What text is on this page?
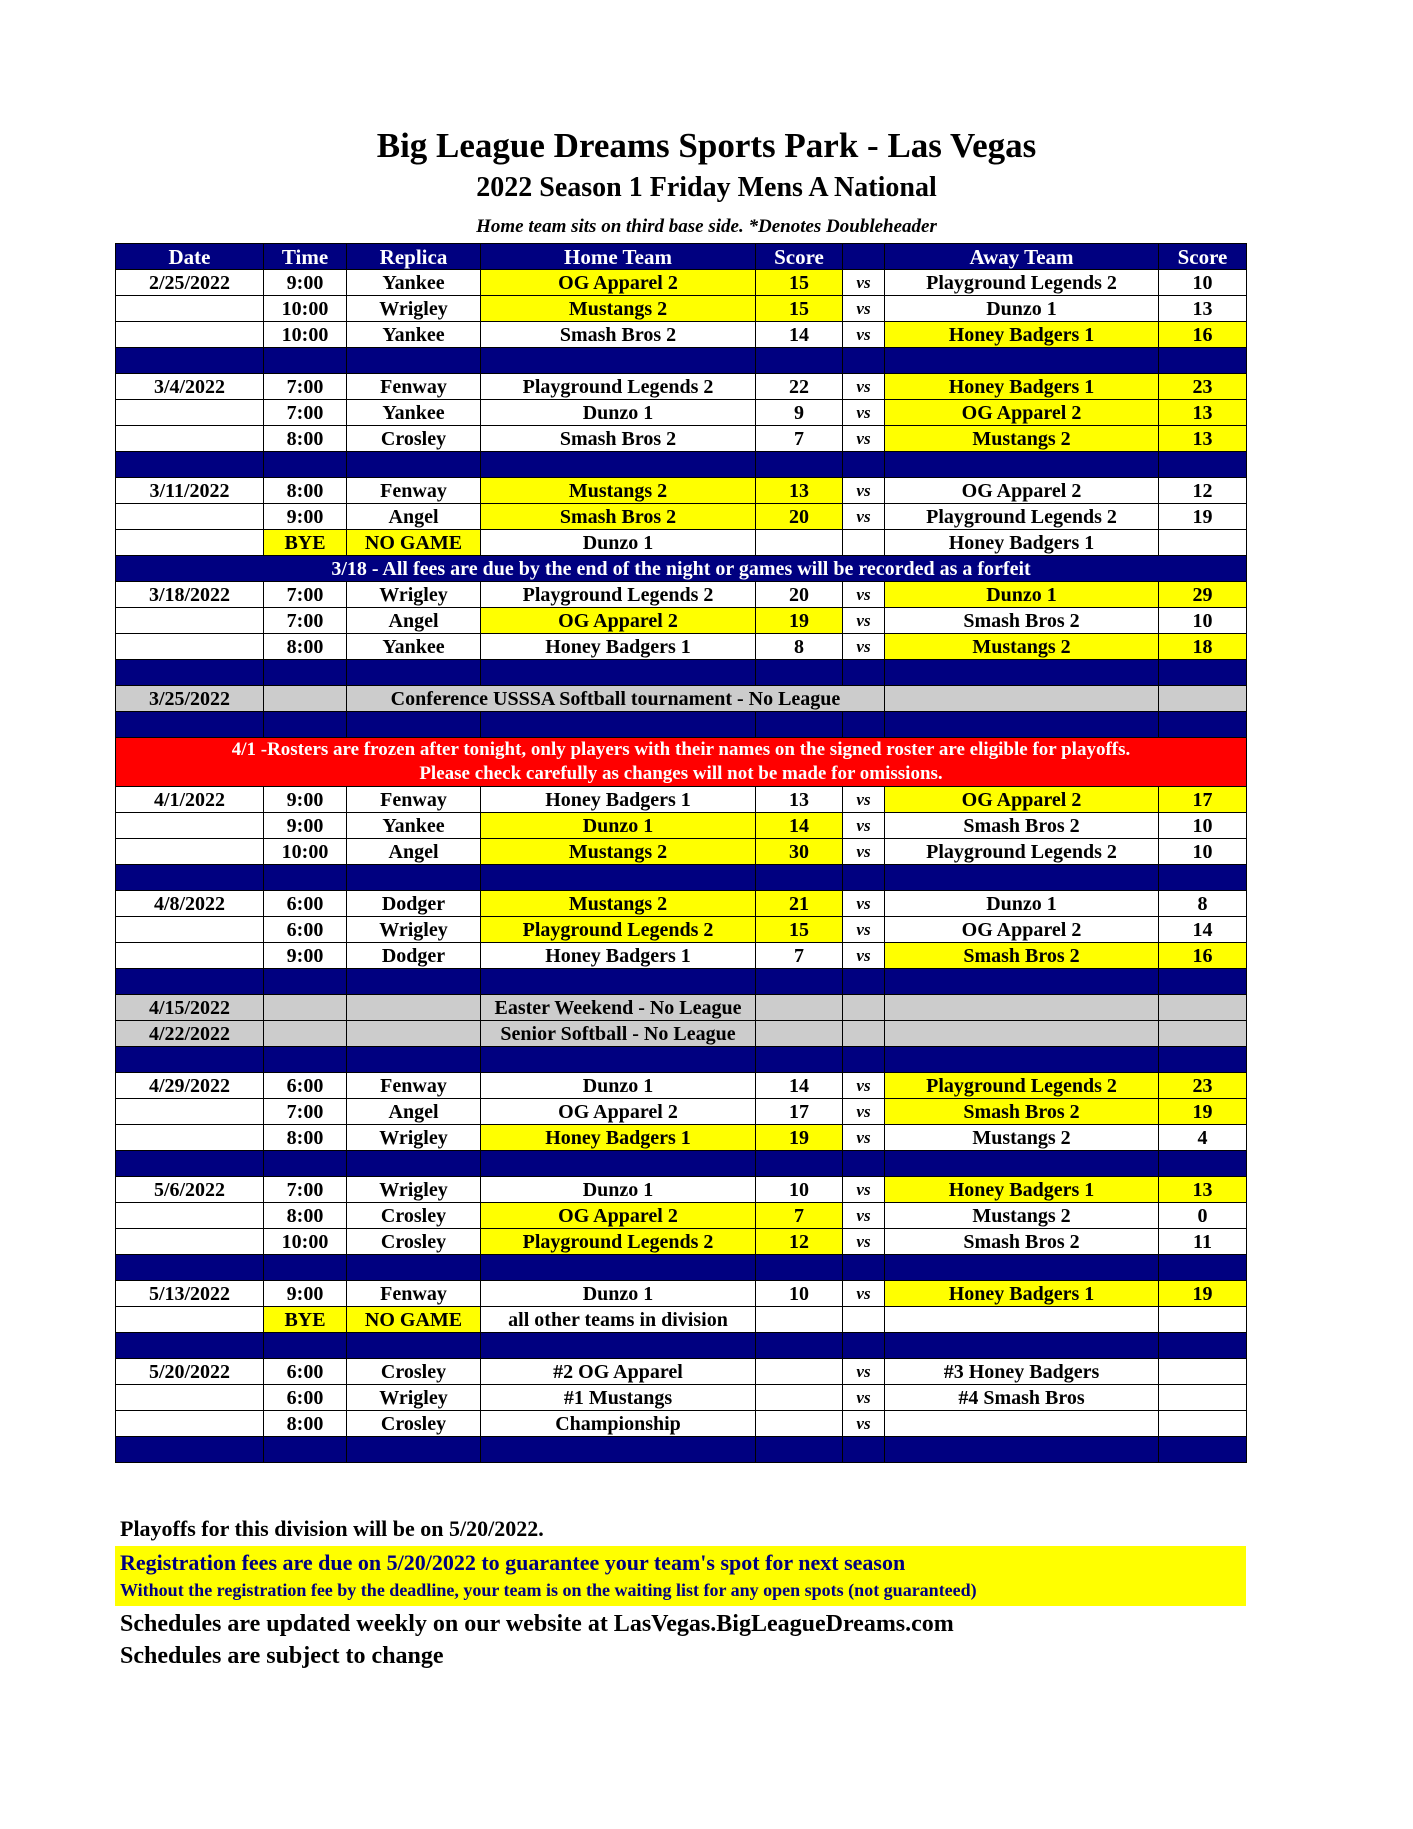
Big League Dreams Sports Park - Las Vegas
2022 Season 1 Friday Mens A National
Home team sits on third base side. *Denotes Doubleheader
Date	Time	Replica	Home Team	Score		Away Team	Score
2/25/2022	9:00	Yankee	OG Apparel 2	15	vs	Playground Legends 2	10
	10:00	Wrigley	Mustangs 2	15	vs	Dunzo 1	13
	10:00	Yankee	Smash Bros 2	14	vs	Honey Badgers 1	16

3/4/2022	7:00	Fenway	Playground Legends 2	22	vs	Honey Badgers 1	23
	7:00	Yankee	Dunzo 1	9	vs	OG Apparel 2	13
	8:00	Crosley	Smash Bros 2	7	vs	Mustangs 2	13

3/11/2022	8:00	Fenway	Mustangs 2	13	vs	OG Apparel 2	12
	9:00	Angel	Smash Bros 2	20	vs	Playground Legends 2	19
	BYE	NO GAME	Dunzo 1			Honey Badgers 1	
3/18 - All fees are due by the end of the night or games will be recorded as a forfeit							
3/18/2022	7:00	Wrigley	Playground Legends 2	20	vs	Dunzo 1	29
	7:00	Angel	OG Apparel 2	19	vs	Smash Bros 2	10
	8:00	Yankee	Honey Badgers 1	8	vs	Mustangs 2	18

3/25/2022		Conference USSSA Softball tournament - No League					

4/1 -Rosters are frozen after tonight, only players with their names on the signed roster are eligible for playoffs.
Please check carefully as changes will not be made for omissions.							

4/1/2022	9:00	Fenway	Honey Badgers 1	13	vs	OG Apparel 2	17
	9:00	Yankee	Dunzo 1	14	vs	Smash Bros 2	10
	10:00	Angel	Mustangs 2	30	vs	Playground Legends 2	10

4/8/2022	6:00	Dodger	Mustangs 2	21	vs	Dunzo 1	8
	6:00	Wrigley	Playground Legends 2	15	vs	OG Apparel 2	14
	9:00	Dodger	Honey Badgers 1	7	vs	Smash Bros 2	16

4/15/2022			Easter Weekend - No League				
4/22/2022			Senior Softball - No League				

4/29/2022	6:00	Fenway	Dunzo 1	14	vs	Playground Legends 2	23
	7:00	Angel	OG Apparel 2	17	vs	Smash Bros 2	19
	8:00	Wrigley	Honey Badgers 1	19	vs	Mustangs 2	4

5/6/2022	7:00	Wrigley	Dunzo 1	10	vs	Honey Badgers 1	13
	8:00	Crosley	OG Apparel 2	7	vs	Mustangs 2	0
	10:00	Crosley	Playground Legends 2	12	vs	Smash Bros 2	11

5/13/2022	9:00	Fenway	Dunzo 1	10	vs	Honey Badgers 1	19
	BYE	NO GAME	all other teams in division				

5/20/2022	6:00	Crosley	#2 OG Apparel		vs	#3 Honey Badgers	
	6:00	Wrigley	#1 Mustangs		vs	#4 Smash Bros	
	8:00	Crosley	Championship		vs		

Playoffs for this division will be on 5/20/2022.
Registration fees are due on 5/20/2022 to guarantee your team's spot for next season
Without the registration fee by the deadline, your team is on the waiting list for any open spots (not guaranteed)
Schedules are updated weekly on our website at LasVegas.BigLeagueDreams.com
Schedules are subject to change
